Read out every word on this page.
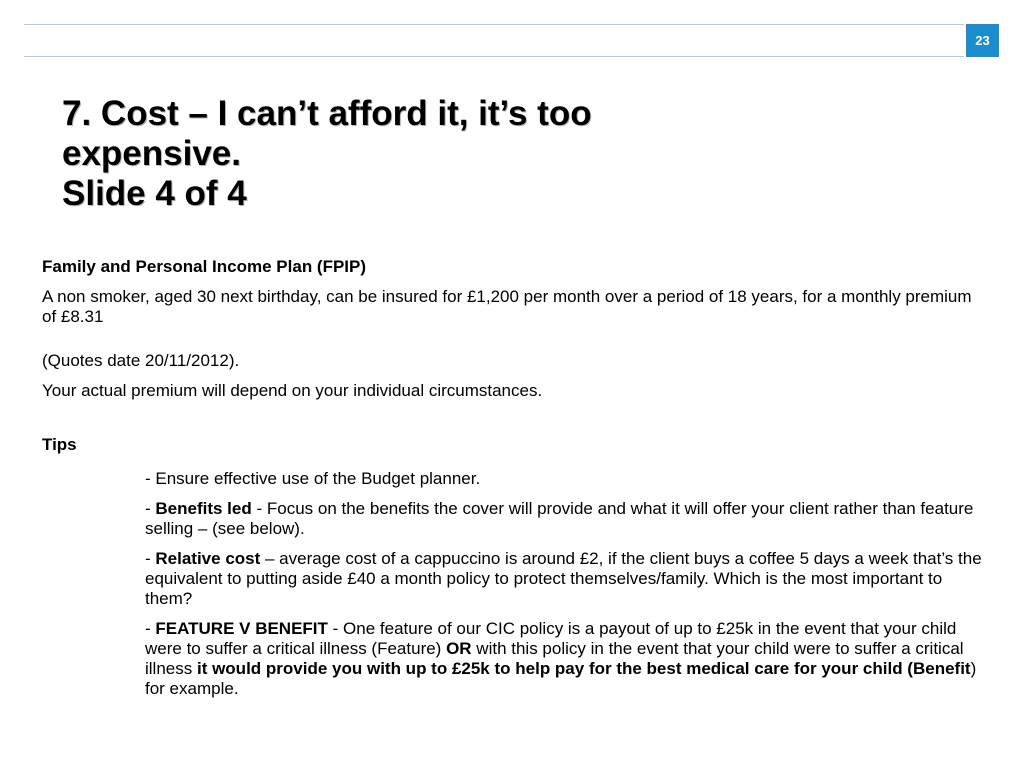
23
7. Cost – I can’t afford it, it’s too
expensive.
Slide 4 of 4

Family and Personal Income Plan (FPIP)

A non smoker, aged 30 next birthday, can be insured for £1,200 per month over a period of 18 years, for a monthly premium of £8.31

(Quotes date 20/11/2012).

Your actual premium will depend on your individual circumstances.

Tips

- Ensure effective use of the Budget planner.

- Benefits led - Focus on the benefits the cover will provide and what it will offer your client rather than feature selling – (see below).

- Relative cost – average cost of a cappuccino is around £2, if the client buys a coffee 5 days a week that’s the equivalent to putting aside £40 a month policy to protect themselves/family. Which is the most important to them?

- FEATURE V BENEFIT - One feature of our CIC policy is a payout of up to £25k in the event that your child were to suffer a critical illness (Feature) OR with this policy in the event that your child were to suffer a critical illness it would provide you with up to £25k to help pay for the best medical care for your child (Benefit) for example.
